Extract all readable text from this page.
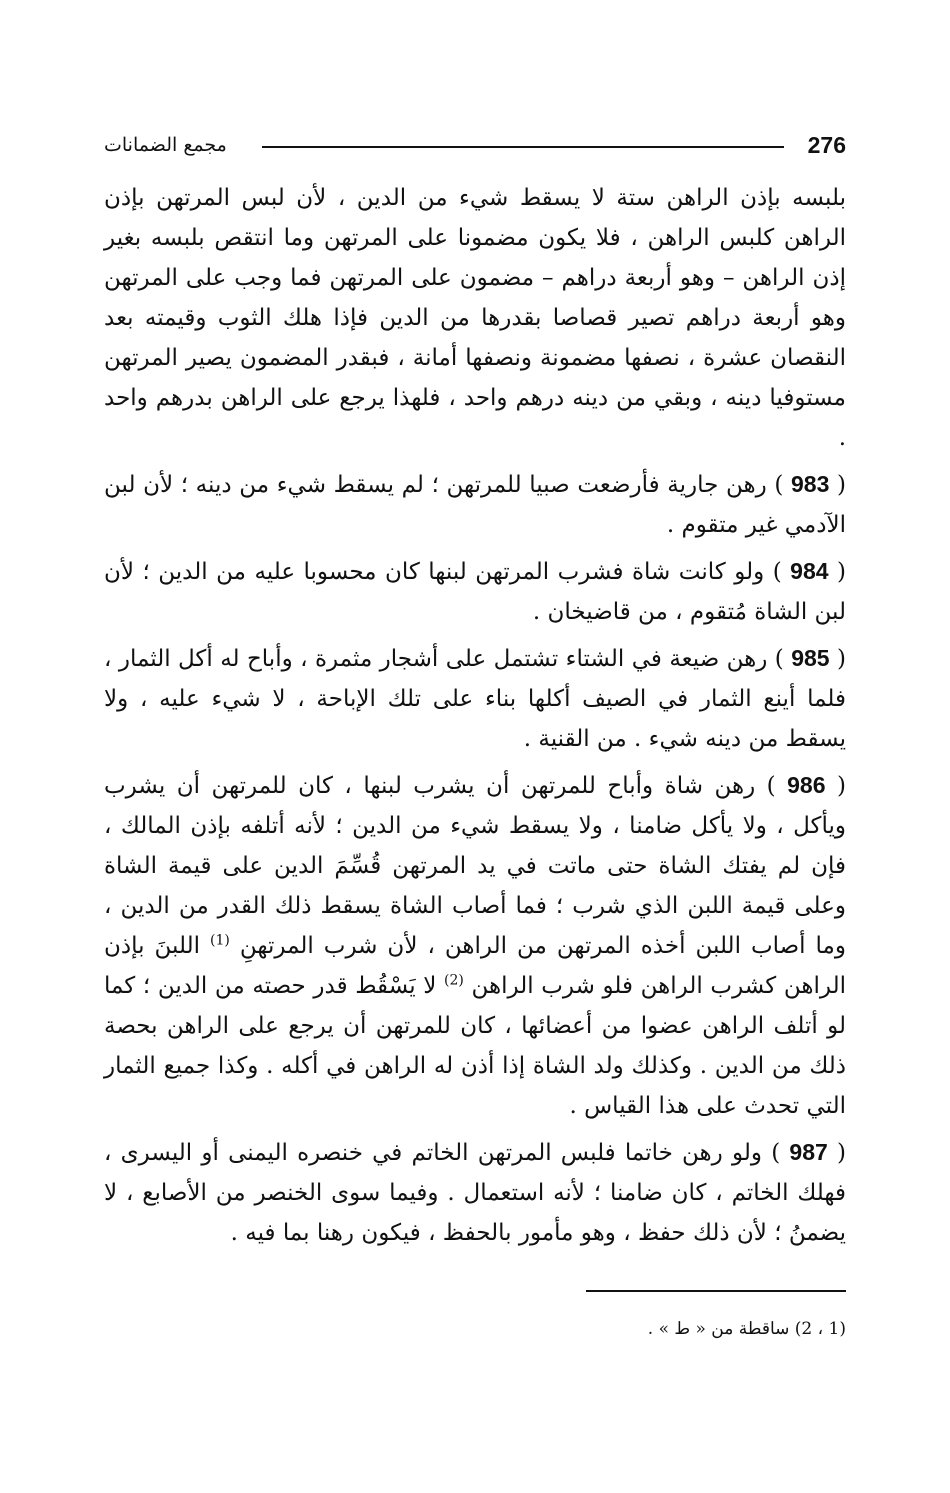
276
مجمع الضمانات

بلبسه بإذن الراهن ستة لا يسقط شيء من الدين ، لأن لبس المرتهن بإذن الراهن كلبس الراهن ، فلا يكون مضمونا على المرتهن وما انتقص بلبسه بغير إذن الراهن – وهو أربعة دراهم – مضمون على المرتهن فما وجب على المرتهن وهو أربعة دراهم تصير قصاصا بقدرها من الدين فإذا هلك الثوب وقيمته بعد النقصان عشرة ، نصفها مضمونة ونصفها أمانة ، فبقدر المضمون يصير المرتهن مستوفيا دينه ، وبقي من دينه درهم واحد ، فلهذا يرجع على الراهن بدرهم واحد .

( 983 ) رهن جارية فأرضعت صبيا للمرتهن ؛ لم يسقط شيء من دينه ؛ لأن لبن الآدمي غير متقوم .

( 984 ) ولو كانت شاة فشرب المرتهن لبنها كان محسوبا عليه من الدين ؛ لأن لبن الشاة مُتقوم ، من قاضيخان .

( 985 ) رهن ضيعة في الشتاء تشتمل على أشجار مثمرة ، وأباح له أكل الثمار ، فلما أينع الثمار في الصيف أكلها بناء على تلك الإباحة ، لا شيء عليه ، ولا يسقط من دينه شيء . من القنية .

( 986 ) رهن شاة وأباح للمرتهن أن يشرب لبنها ، كان للمرتهن أن يشرب ويأكل ، ولا يأكل ضامنا ، ولا يسقط شيء من الدين ؛ لأنه أتلفه بإذن المالك ، فإن لم يفتك الشاة حتى ماتت في يد المرتهن قُسِّمَ الدين على قيمة الشاة وعلى قيمة اللبن الذي شرب ؛ فما أصاب الشاة يسقط ذلك القدر من الدين ، وما أصاب اللبن أخذه المرتهن من الراهن ، لأن شرب المرتهنِ $^{(1)}$ اللبنَ بإذن الراهن كشرب الراهن فلو شرب الراهن $^{(2)}$ لا يَسْقُط قدر حصته من الدين ؛ كما لو أتلف الراهن عضوا من أعضائها ، كان للمرتهن أن يرجع على الراهن بحصة ذلك من الدين . وكذلك ولد الشاة إذا أذن له الراهن في أكله . وكذا جميع الثمار التي تحدث على هذا القياس .

( 987 ) ولو رهن خاتما فلبس المرتهن الخاتم في خنصره اليمنى أو اليسرى ، فهلك الخاتم ، كان ضامنا ؛ لأنه استعمال . وفيما سوى الخنصر من الأصابع ، لا يضمنُ ؛ لأن ذلك حفظ ، وهو مأمور بالحفظ ، فيكون رهنا بما فيه .

(1 ، 2) ساقطة من « ط » .
